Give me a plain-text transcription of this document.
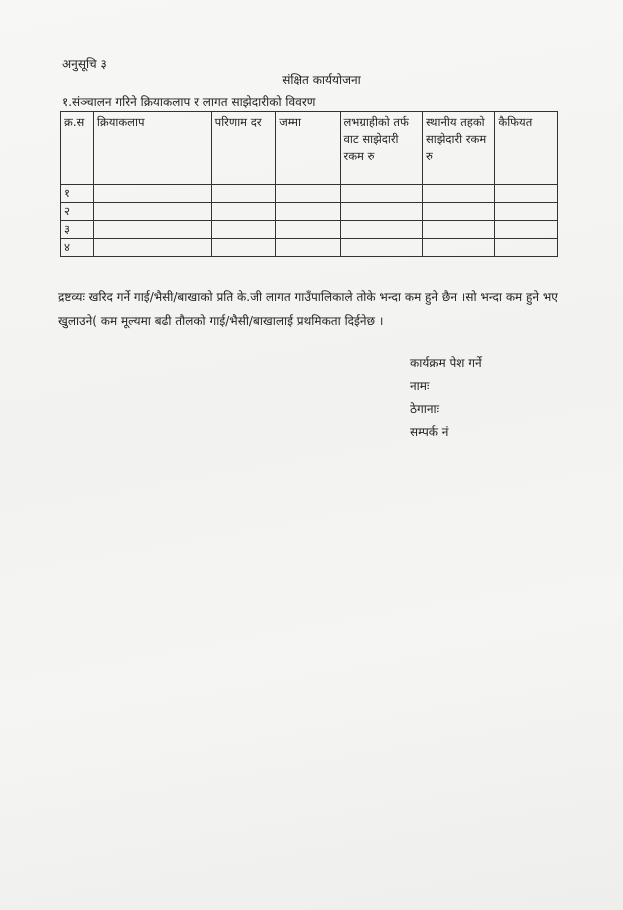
अनुसूचि ३
संक्षित कार्ययोजना
१.संञ्चालन गरिने क्रियाकलाप र लागत साझेदारीको विवरण
क्र.स	क्रियाकलाप	परिणाम दर	जम्मा	लभग्राहीको तर्फ वाट साझेदारी रकम रु	स्थानीय तहको साझेदारी रकम रु	कैफियत
१						
२						
३						
४						
द्रष्टव्यः खरिद गर्ने गाई/भैसी/बाखाको प्रति के.जी लागत गाउँपालिकाले तोके भन्दा कम हुने छैन ।सो भन्दा कम हुने भए खुलाउने( कम मूल्यमा बढी तौलको गाई/भैसी/बाखालाई प्रथमिकता दिईनेछ ।
कार्यक्रम पेश गर्ने
नामः
ठेगानाः
सम्पर्क नं
